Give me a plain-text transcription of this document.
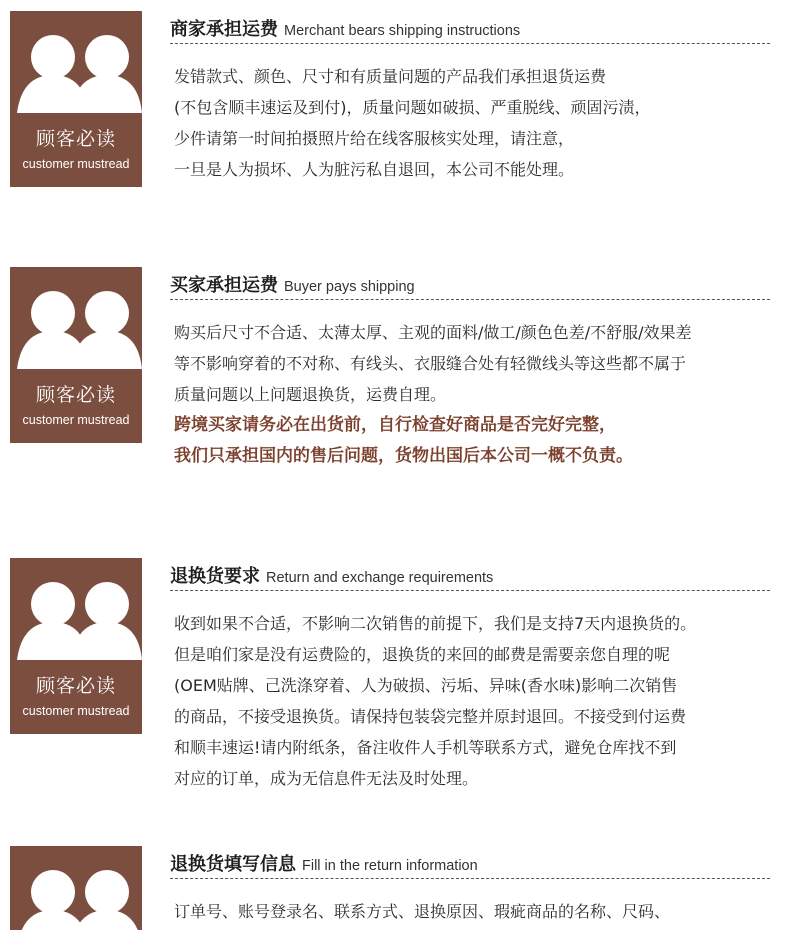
顾客必读
customer mustread
商家承担运费 Merchant bears shipping instructions
发错款式、颜色、尺寸和有质量问题的产品我们承担退货运费
(不包含顺丰速运及到付)，质量问题如破损、严重脱线、顽固污渍，
少件请第一时间拍摄照片给在线客服核实处理，请注意，
一旦是人为损坏、人为脏污私自退回，本公司不能处理。
顾客必读
customer mustread
买家承担运费 Buyer pays shipping
购买后尺寸不合适、太薄太厚、主观的面料/做工/颜色色差/不舒服/效果差
等不影响穿着的不对称、有线头、衣服缝合处有轻微线头等这些都不属于
质量问题以上问题退换货，运费自理。
跨境买家请务必在出货前，自行检查好商品是否完好完整，
我们只承担国内的售后问题，货物出国后本公司一概不负责。
顾客必读
customer mustread
退换货要求 Return and exchange requirements
收到如果不合适，不影响二次销售的前提下，我们是支持7天内退换货的。
但是咱们家是没有运费险的，退换货的来回的邮费是需要亲您自理的呢
(OEM贴牌、己洗涤穿着、人为破损、污垢、异味(香水味)影响二次销售
的商品，不接受退换货。请保持包装袋完整并原封退回。不接受到付运费
和顺丰速运!请内附纸条，备注收件人手机等联系方式，避免仓库找不到
对应的订单，成为无信息件无法及时处理。
退换货填写信息 Fill in the return information
订单号、账号登录名、联系方式、退换原因、瑕疵商品的名称、尺码、
